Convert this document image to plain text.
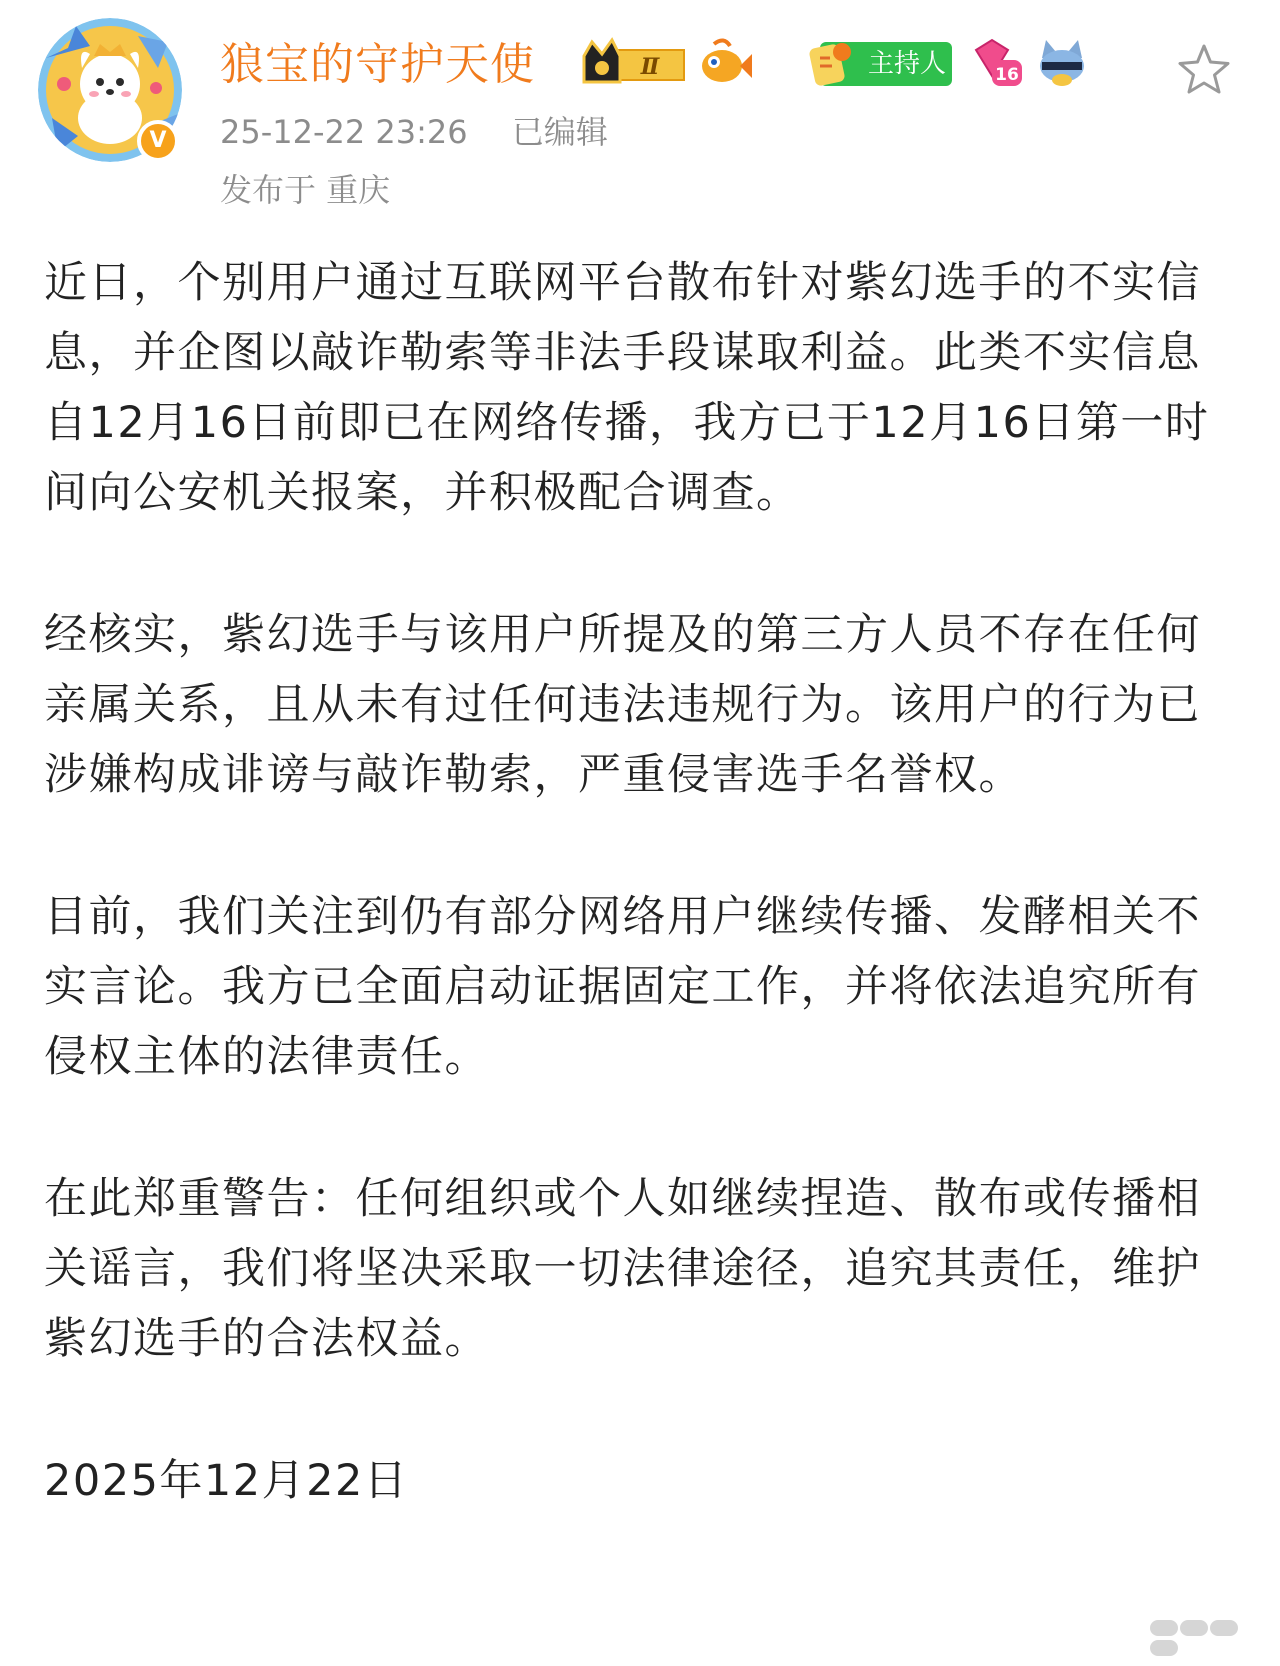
V
狼宝的守护天使	Ⅱ	主持人	16
25-12-22 23:26 已编辑
发布于 重庆

近日，个别用户通过互联网平台散布针对紫幻选手的不实信息，并企图以敲诈勒索等非法手段谋取利益。此类不实信息自12月16日前即已在网络传播，我方已于12月16日第一时间向公安机关报案，并积极配合调查。

经核实，紫幻选手与该用户所提及的第三方人员不存在任何亲属关系，且从未有过任何违法违规行为。该用户的行为已涉嫌构成诽谤与敲诈勒索，严重侵害选手名誉权。

目前，我们关注到仍有部分网络用户继续传播、发酵相关不实言论。我方已全面启动证据固定工作，并将依法追究所有侵权主体的法律责任。

在此郑重警告：任何组织或个人如继续捏造、散布或传播相关谣言，我们将坚决采取一切法律途径，追究其责任，维护紫幻选手的合法权益。

2025年12月22日
